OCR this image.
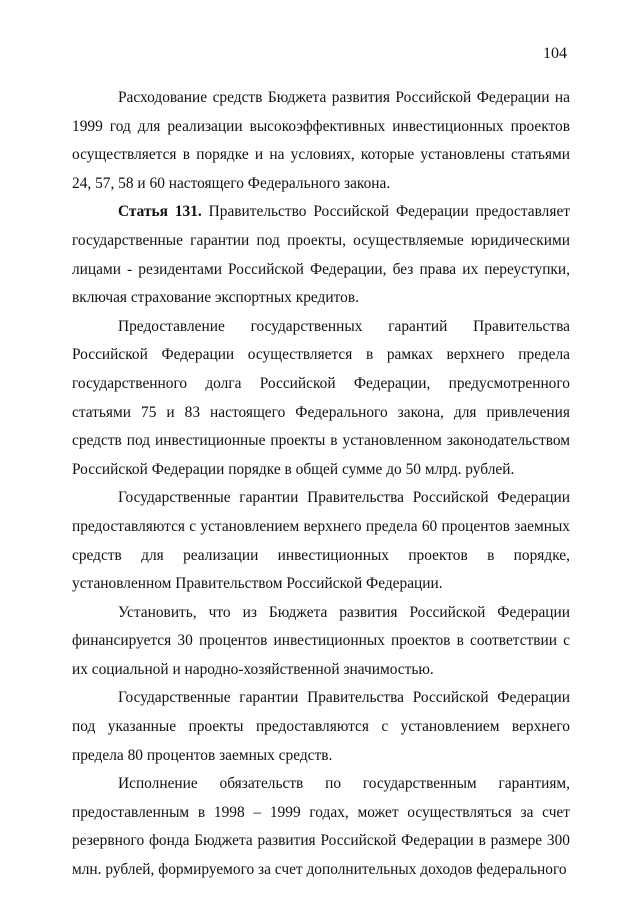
104

Расходование средств Бюджета развития Российской Федерации на 1999 год для реализации высокоэффективных инвестиционных проектов осуществляется в порядке и на условиях, которые установлены статьями 24, 57, 58 и 60 настоящего Федерального закона.

Статья 131. Правительство Российской Федерации предоставляет государственные гарантии под проекты, осуществляемые юридическими лицами - резидентами Российской Федерации, без права их переуступки, включая страхование экспортных кредитов.

Предоставление государственных гарантий Правительства Российской Федерации осуществляется в рамках верхнего предела государственного долга Российской Федерации, предусмотренного статьями 75 и 83 настоящего Федерального закона, для привлечения средств под инвестиционные проекты в установленном законодательством Российской Федерации порядке в общей сумме до 50 млрд. рублей.

Государственные гарантии Правительства Российской Федерации предоставляются с установлением верхнего предела 60 процентов заемных средств для реализации инвестиционных проектов в порядке, установленном Правительством Российской Федерации.

Установить, что из Бюджета развития Российской Федерации финансируется 30 процентов инвестиционных проектов в соответствии с их социальной и народно-хозяйственной значимостью.

Государственные гарантии Правительства Российской Федерации под указанные проекты предоставляются с установлением верхнего предела 80 процентов заемных средств.

Исполнение обязательств по государственным гарантиям, предоставленным в 1998 – 1999 годах, может осуществляться за счет резервного фонда Бюджета развития Российской Федерации в размере 300 млн. рублей, формируемого за счет дополнительных доходов федерального
